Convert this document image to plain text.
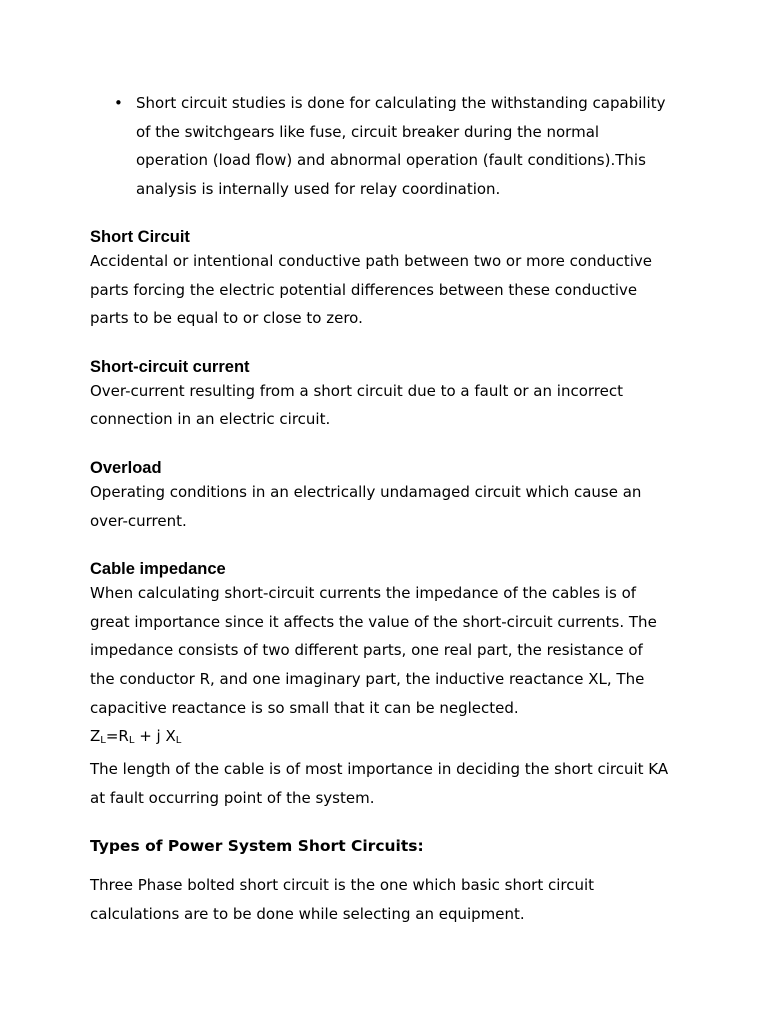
• Short circuit studies is done for calculating the withstanding capability
of the switchgears like fuse, circuit breaker during the normal
operation (load flow) and abnormal operation (fault conditions).This
analysis is internally used for relay coordination.
Short Circuit

Accidental or intentional conductive path between two or more conductive
parts forcing the electric potential differences between these conductive
parts to be equal to or close to zero.

Short-circuit current

Over-current resulting from a short circuit due to a fault or an incorrect
connection in an electric circuit.

Overload

Operating conditions in an electrically undamaged circuit which cause an
over-current.

Cable impedance

When calculating short-circuit currents the impedance of the cables is of
great importance since it affects the value of the short-circuit currents. The
impedance consists of two different parts, one real part, the resistance of
the conductor R, and one imaginary part, the inductive reactance XL, The
capacitive reactance is so small that it can be neglected.

$Z_L=R_L + j$ $X_L$

The length of the cable is of most importance in deciding the short circuit KA
at fault occurring point of the system.

Types of Power System Short Circuits:

Three Phase bolted short circuit is the one which basic short circuit
calculations are to be done while selecting an equipment.
